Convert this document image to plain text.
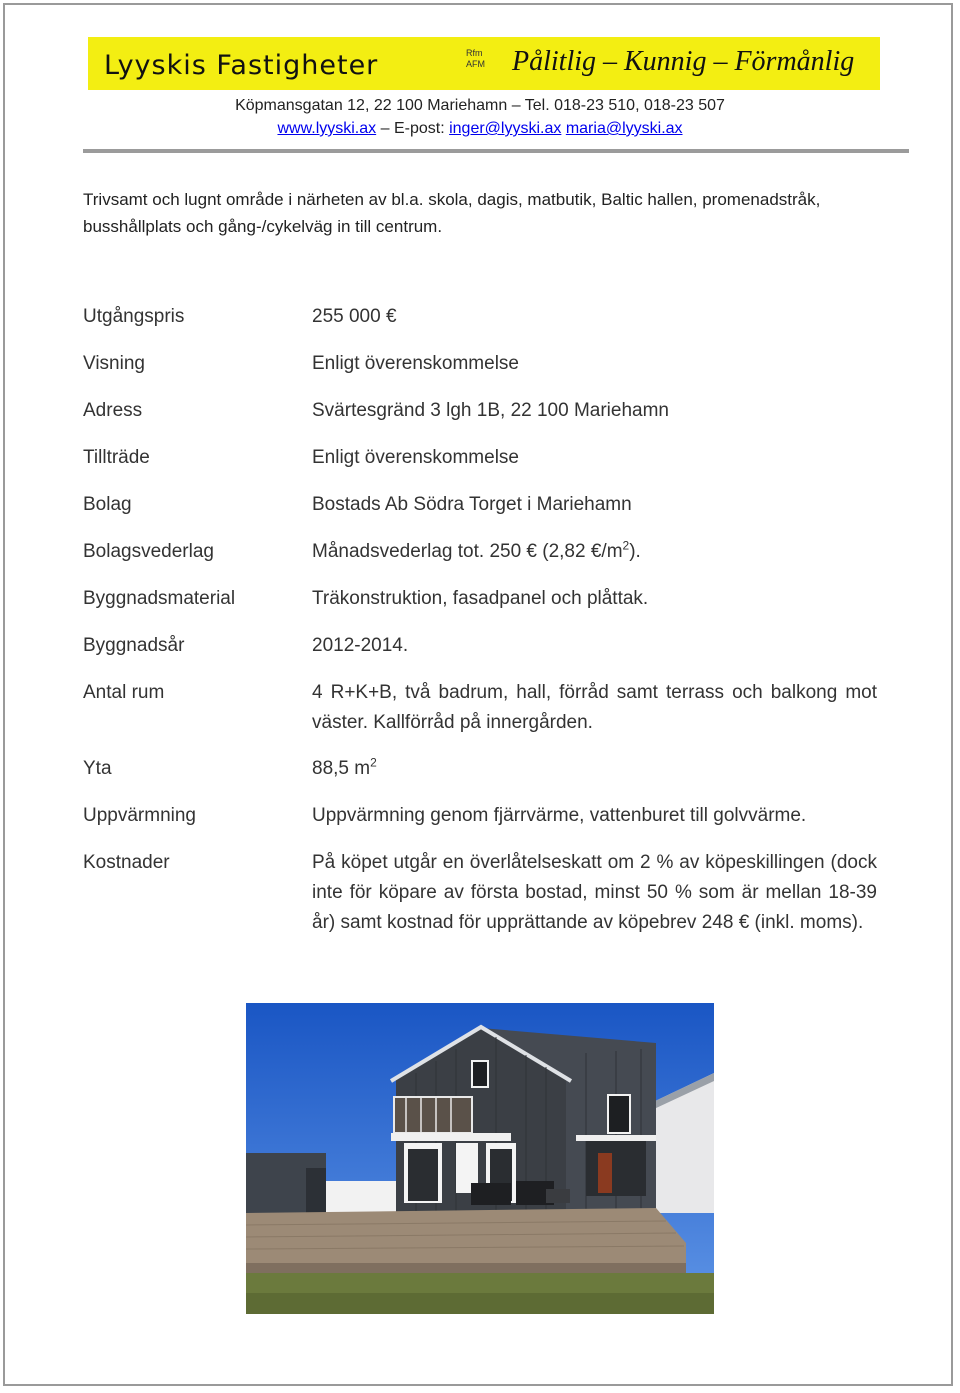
Lyyskis Fastigheter	Rfm
AFM Pålitlig – Kunnig – Förmånlig
Köpmansgatan 12, 22 100 Mariehamn – Tel. 018-23 510, 018-23 507
www.lyyski.ax – E-post: inger@lyyski.ax maria@lyyski.ax
Trivsamt och lugnt område i närheten av bl.a. skola, dagis, matbutik, Baltic hallen, promenadstråk, busshållplats och gång-/cykelväg in till centrum.
Utgångspris	255 000 €
Visning	Enligt överenskommelse
Adress	Svärtesgränd 3 lgh 1B, 22 100 Mariehamn
Tillträde	Enligt överenskommelse
Bolag	Bostads Ab Södra Torget i Mariehamn
Bolagsvederlag	Månadsvederlag tot. 250 € (2,82 $€/m^2$).
Byggnadsmaterial	Träkonstruktion, fasadpanel och plåttak.
Byggnadsår	2012-2014.
Antal rum	4 R+K+B, två badrum, hall, förråd samt terrass och balkong mot väster. Kallförråd på innergården.
Yta	88,5 $m^2$
Uppvärmning	Uppvärmning genom fjärrvärme, vattenburet till golvvärme.
Kostnader	På köpet utgår en överlåtelseskatt om 2 % av köpeskillingen (dock inte för köpare av första bostad, minst 50 % som är mellan 18-39 år) samt kostnad för upprättande av köpebrev 248 € (inkl. moms).
